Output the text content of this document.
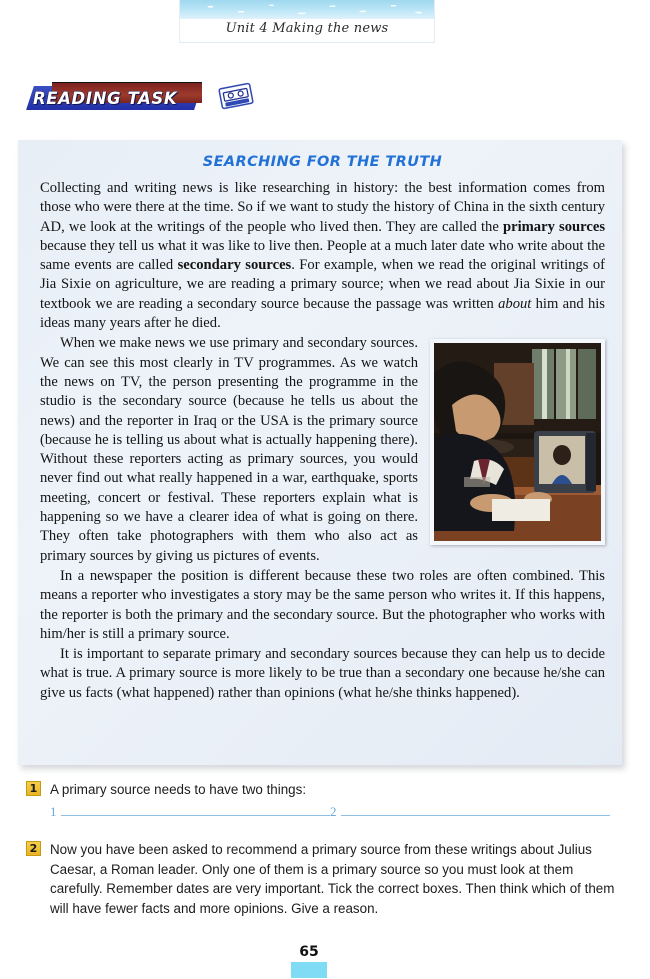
Unit 4 Making the news
READING TASK
SEARCHING FOR THE TRUTH

Collecting and writing news is like researching in history: the best information comes from those who were there at the time. So if we want to study the history of China in the sixth century AD, we look at the writings of the people who lived then. They are called the primary sources because they tell us what it was like to live then. People at a much later date who write about the same events are called secondary sources. For example, when we read the original writings of Jia Sixie on agriculture, we are reading a primary source; when we read about Jia Sixie in our textbook we are reading a secondary source because the passage was written about him and his ideas many years after he died.

When we make news we use primary and secondary sources. We can see this most clearly in TV programmes. As we watch the news on TV, the person presenting the programme in the studio is the secondary source (because he tells us about the news) and the reporter in Iraq or the USA is the primary source (because he is telling us about what is actually happening there). Without these reporters acting as primary sources, you would never find out what really happened in a war, earthquake, sports meeting, concert or festival. These reporters explain what is happening so we have a clearer idea of what is going on there. They often take photographers with them who also act as primary sources by giving us pictures of events.

In a newspaper the position is different because these two roles are often combined. This means a reporter who investigates a story may be the same person who writes it. If this happens, the reporter is both the primary and the secondary source. But the photographer who works with him/her is still a primary source.

It is important to separate primary and secondary sources because they can help us to decide what is true. A primary source is more likely to be true than a secondary one because he/she can give us facts (what happened) rather than opinions (what he/she thinks happened).

1 A primary source needs to have two things:
1	2
2 Now you have been asked to recommend a primary source from these writings about Julius Caesar, a Roman leader. Only one of them is a primary source so you must look at them carefully. Remember dates are very important. Tick the correct boxes. Then think which of them will have fewer facts and more opinions. Give a reason.
65
